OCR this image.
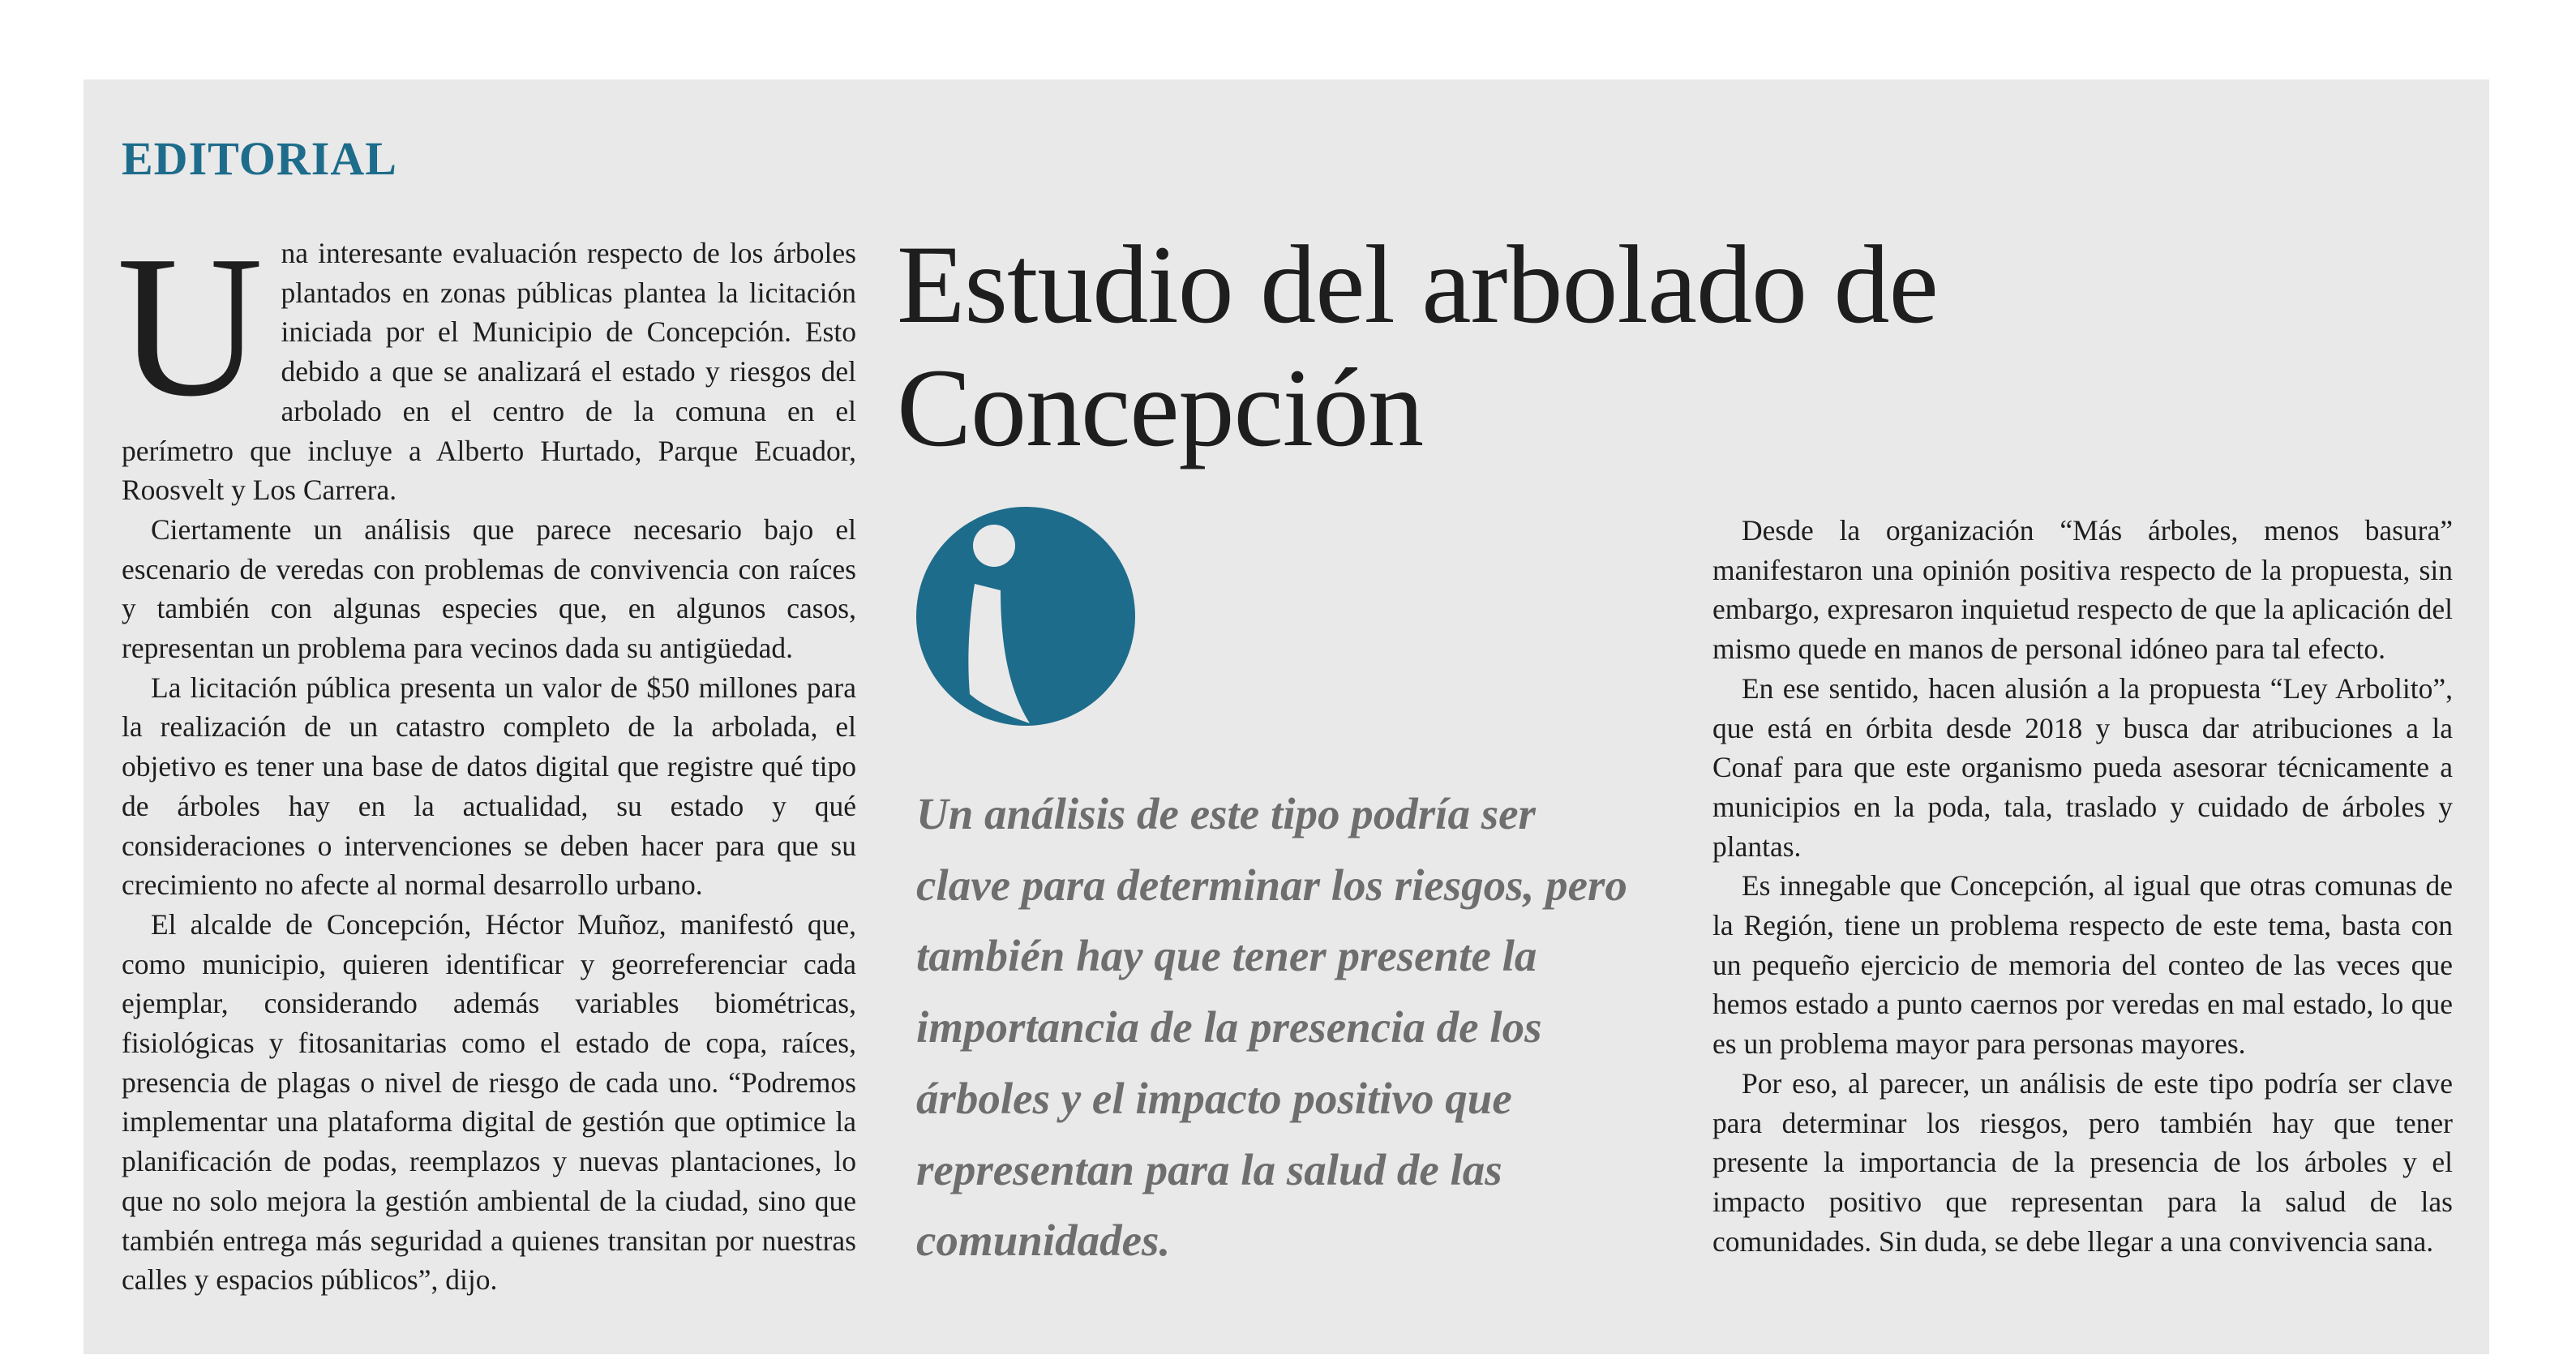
EDITORIAL
U na interesante evaluación respecto de los árboles plantados en zonas públicas plantea la licitación iniciada por el Municipio de Concepción. Esto debido a que se analizará el estado y riesgos del arbolado en el centro de la comuna en el perímetro que incluye a Alberto Hurtado, Parque Ecuador, Roosvelt y Los Carrera.

Ciertamente un análisis que parece necesario bajo el escenario de veredas con problemas de convivencia con raíces y también con algunas especies que, en algunos casos, representan un problema para vecinos dada su antigüedad.

La licitación pública presenta un valor de $50 millones para la realización de un catastro completo de la arbolada, el objetivo es tener una base de datos digital que registre qué tipo de árboles hay en la actualidad, su estado y qué consideraciones o intervenciones se deben hacer para que su crecimiento no afecte al normal desarrollo urbano.

El alcalde de Concepción, Héctor Muñoz, manifestó que, como municipio, quieren identificar y georreferenciar cada ejemplar, considerando además variables biométricas, fisiológicas y fitosanitarias como el estado de copa, raíces, presencia de plagas o nivel de riesgo de cada uno. “Podremos implementar una plataforma digital de gestión que optimice la planificación de podas, reemplazos y nuevas plantaciones, lo que no solo mejora la gestión ambiental de la ciudad, sino que también entrega más seguridad a quienes transitan por nuestras calles y espacios públicos”, dijo.

Estudio del arbolado de Concepción

Un análisis de este tipo podría ser clave para determinar los riesgos, pero también hay que tener presente la importancia de la presencia de los árboles y el impacto positivo que representan para la salud de las comunidades.

Desde la organización “Más árboles, menos basura” manifestaron una opinión positiva respecto de la propuesta, sin embargo, expresaron inquietud respecto de que la aplicación del mismo quede en manos de personal idóneo para tal efecto.

En ese sentido, hacen alusión a la propuesta “Ley Arbolito”, que está en órbita desde 2018 y busca dar atribuciones a la Conaf para que este organismo pueda asesorar técnicamente a municipios en la poda, tala, traslado y cuidado de árboles y plantas.

Es innegable que Concepción, al igual que otras comunas de la Región, tiene un problema respecto de este tema, basta con un pequeño ejercicio de memoria del conteo de las veces que hemos estado a punto caernos por veredas en mal estado, lo que es un problema mayor para personas mayores.

Por eso, al parecer, un análisis de este tipo podría ser clave para determinar los riesgos, pero también hay que tener presente la importancia de la presencia de los árboles y el impacto positivo que representan para la salud de las comunidades. Sin duda, se debe llegar a una convivencia sana.
